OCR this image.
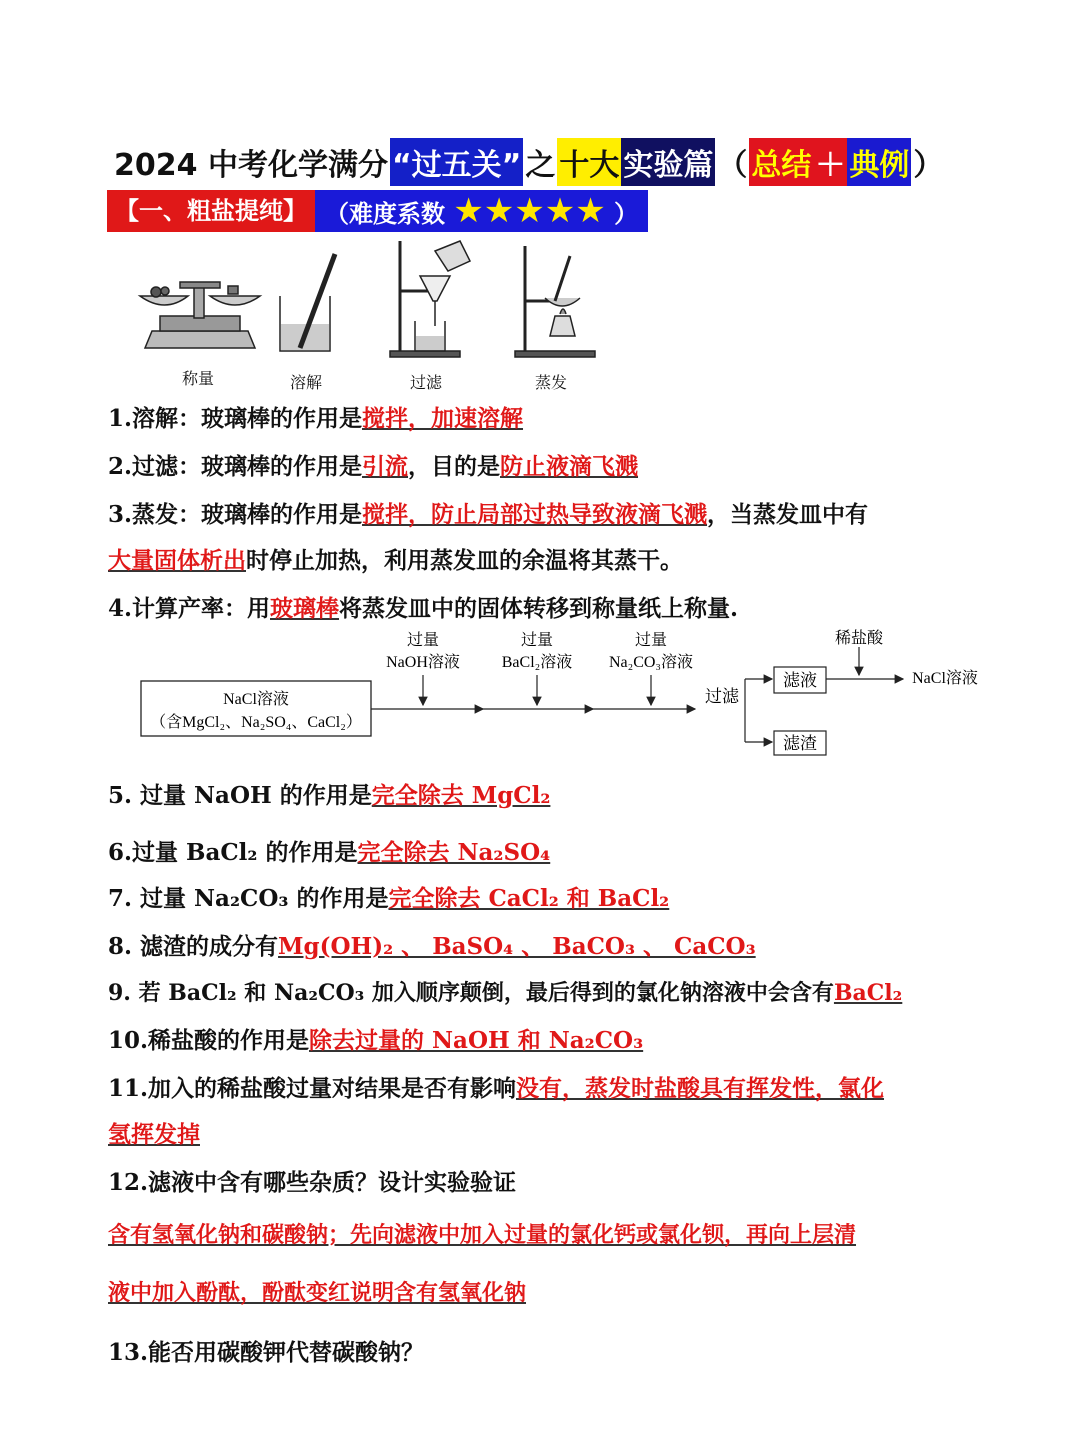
2024 中考化学满分 “过五关” 之 十大 实验篇 （ 总结 ＋ 典例 ）
【一、粗盐提纯】 （难度系数 ★★★★★ ）
称量	溶解	过滤	蒸发
1.溶解：玻璃棒的作用是搅拌，加速溶解
2.过滤：玻璃棒的作用是引流，目的是防止液滴飞溅
3.蒸发：玻璃棒的作用是搅拌，防止局部过热导致液滴飞溅，当蒸发皿中有
大量固体析出时停止加热，利用蒸发皿的余温将其蒸干。
4.计算产率：用玻璃棒将蒸发皿中的固体转移到称量纸上称量.
NaCl溶液
（含MgCl₂、Na₂SO₄、CaCl₂）
过量
NaOH溶液
过量
BaCl₂溶液
过量
Na₂CO₃溶液
过滤
滤液
滤渣
稀盐酸
NaCl溶液
5. 过量 NaOH 的作用是完全除去 MgCl₂
6.过量 BaCl₂ 的作用是完全除去 Na₂SO₄
7. 过量 Na₂CO₃ 的作用是完全除去 CaCl₂ 和 BaCl₂
8. 滤渣的成分有Mg(OH)₂ 、 BaSO₄ 、 BaCO₃ 、 CaCO₃
9. 若 BaCl₂ 和 Na₂CO₃ 加入顺序颠倒，最后得到的氯化钠溶液中会含有BaCl₂
10.稀盐酸的作用是除去过量的 NaOH 和 Na₂CO₃
11.加入的稀盐酸过量对结果是否有影响没有，蒸发时盐酸具有挥发性，氯化
氢挥发掉
12.滤液中含有哪些杂质？设计实验验证
含有氢氧化钠和碳酸钠；先向滤液中加入过量的氯化钙或氯化钡，再向上层清
液中加入酚酞，酚酞变红说明含有氢氧化钠
13.能否用碳酸钾代替碳酸钠？
